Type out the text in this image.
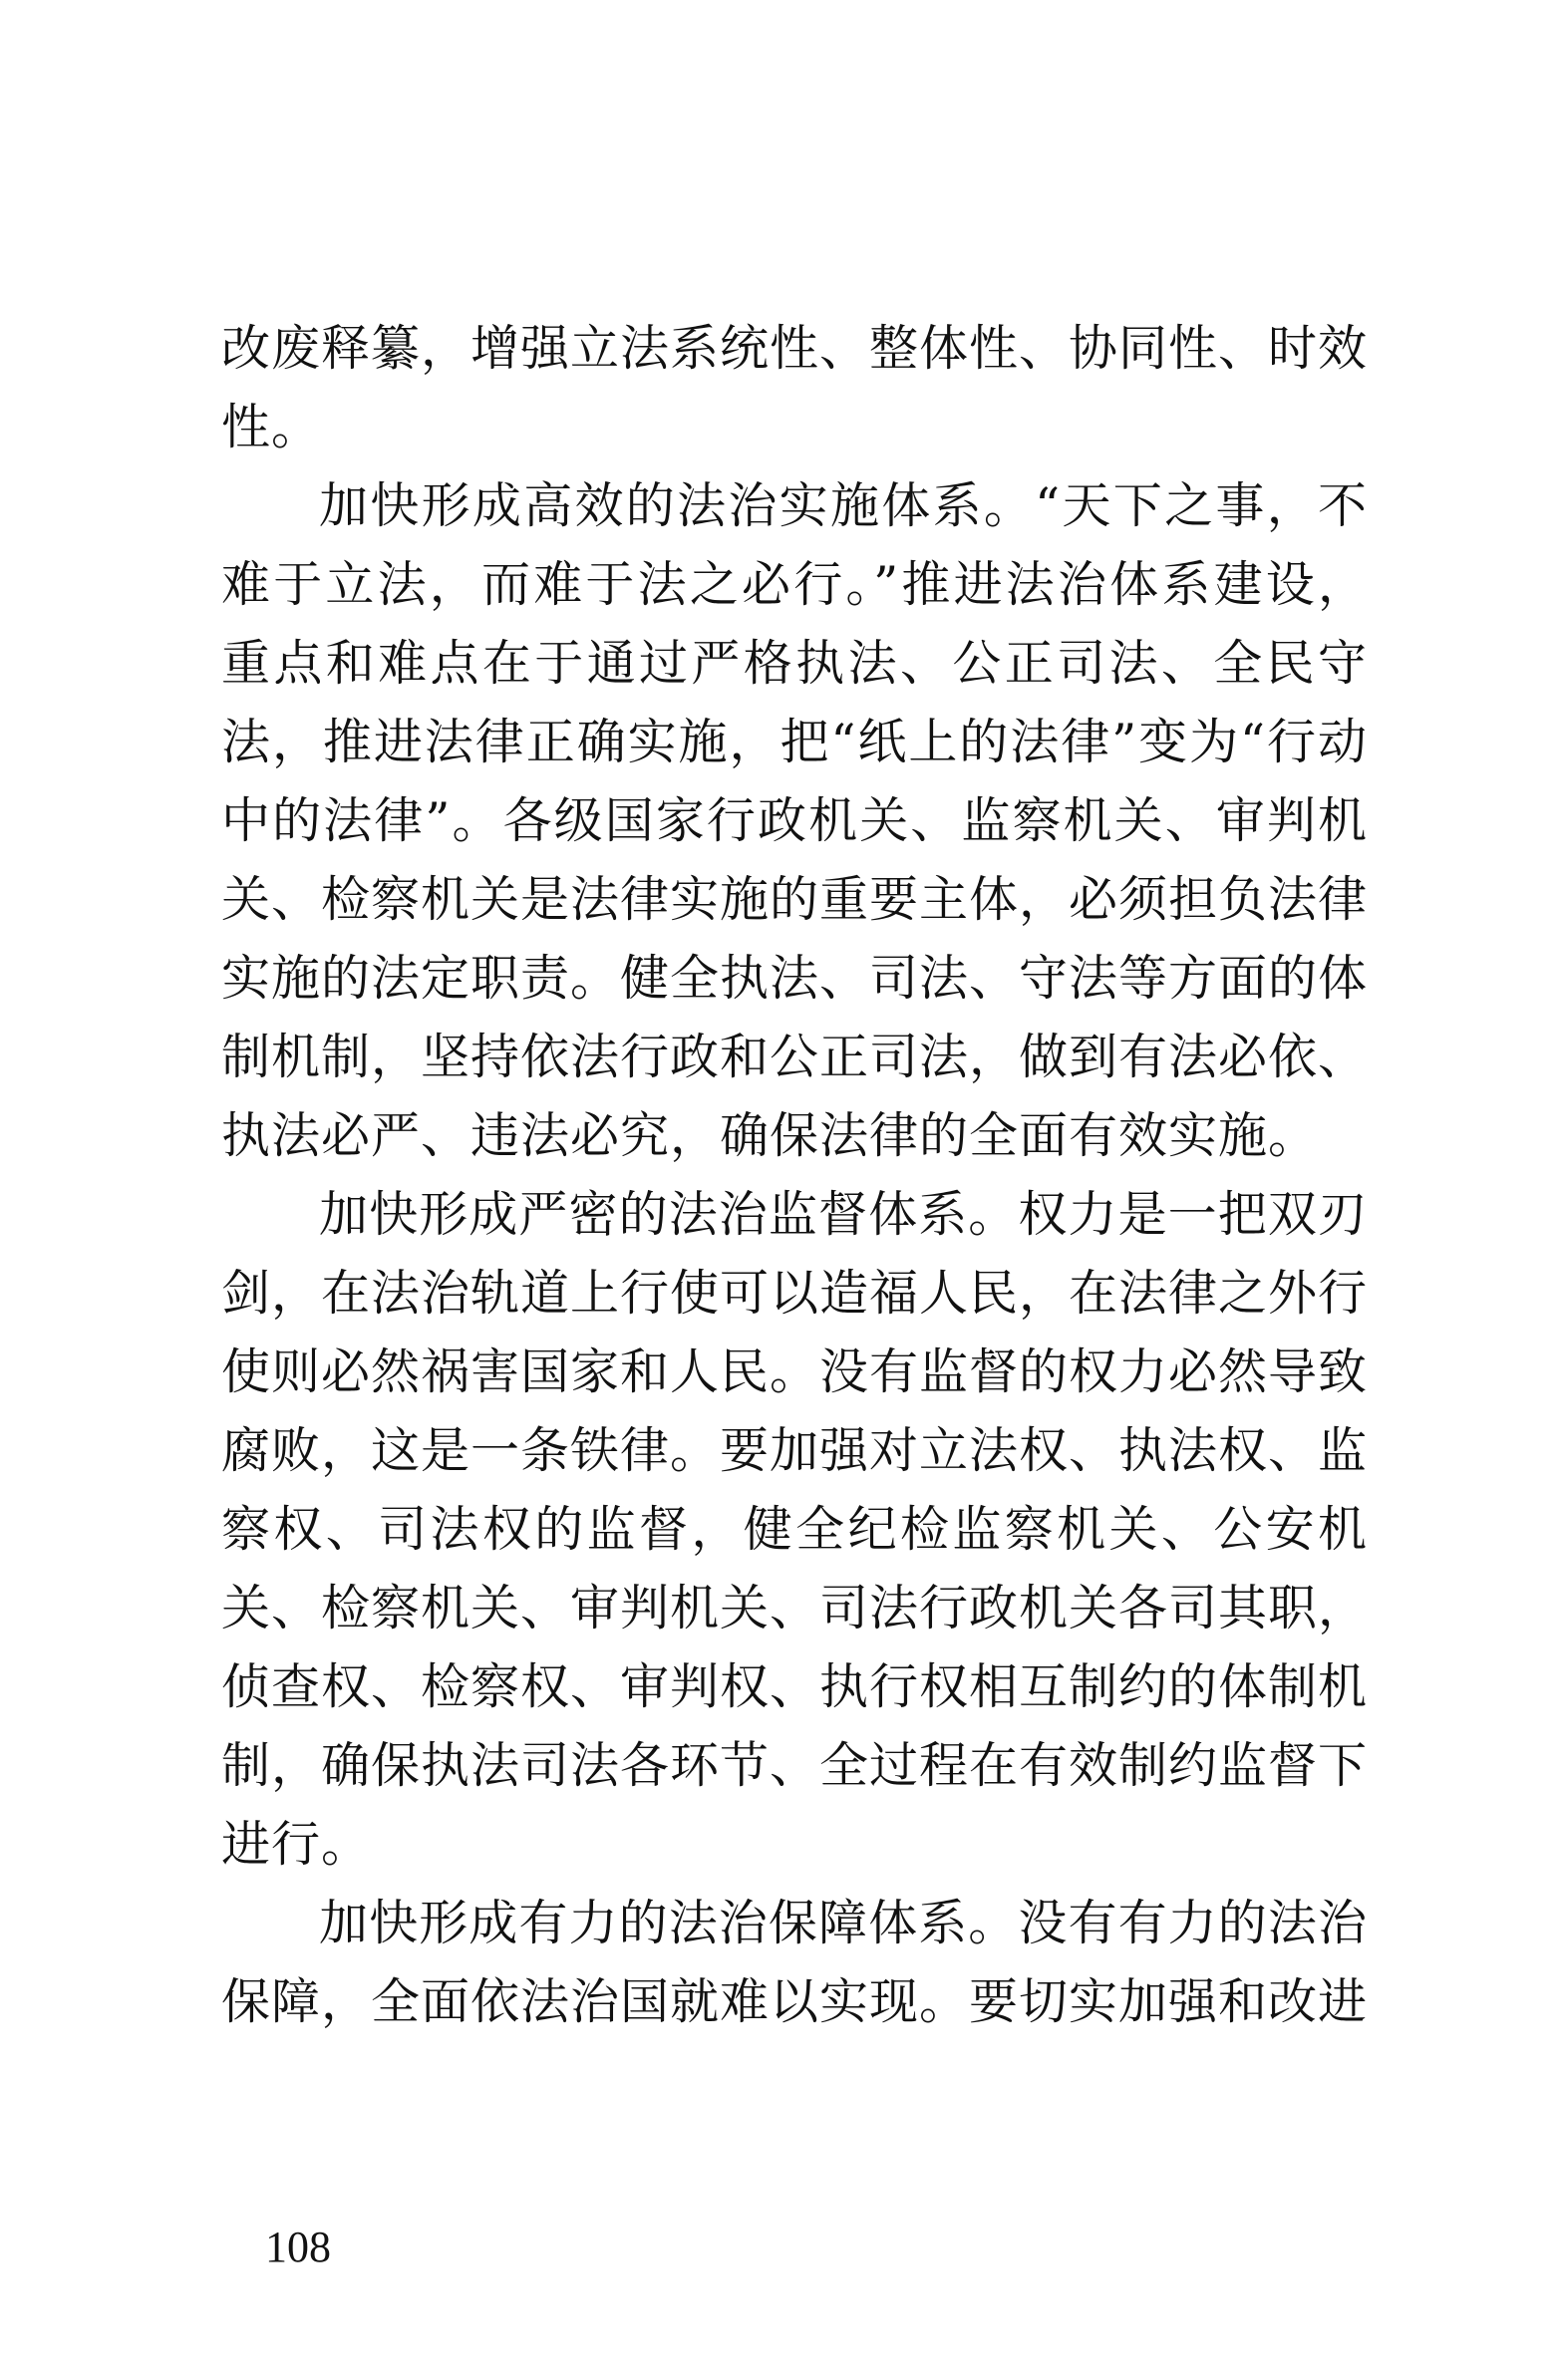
改废释纂，增强立法系统性、整体性、协同性、时效性。

加快形成高效的法治实施体系。“天下之事，不难于立法，而难于法之必行。”推进法治体系建设，重点和难点在于通过严格执法、公正司法、全民守法，推进法律正确实施，把“纸上的法律”变为“行动中的法律”。各级国家行政机关、监察机关、审判机关、检察机关是法律实施的重要主体，必须担负法律实施的法定职责。健全执法、司法、守法等方面的体制机制，坚持依法行政和公正司法，做到有法必依、执法必严、违法必究，确保法律的全面有效实施。

加快形成严密的法治监督体系。权力是一把双刃剑，在法治轨道上行使可以造福人民，在法律之外行使则必然祸害国家和人民。没有监督的权力必然导致腐败，这是一条铁律。要加强对立法权、执法权、监察权、司法权的监督，健全纪检监察机关、公安机关、检察机关、审判机关、司法行政机关各司其职，侦查权、检察权、审判权、执行权相互制约的体制机制，确保执法司法各环节、全过程在有效制约监督下进行。

加快形成有力的法治保障体系。没有有力的法治保障，全面依法治国就难以实现。要切实加强和改进

108
